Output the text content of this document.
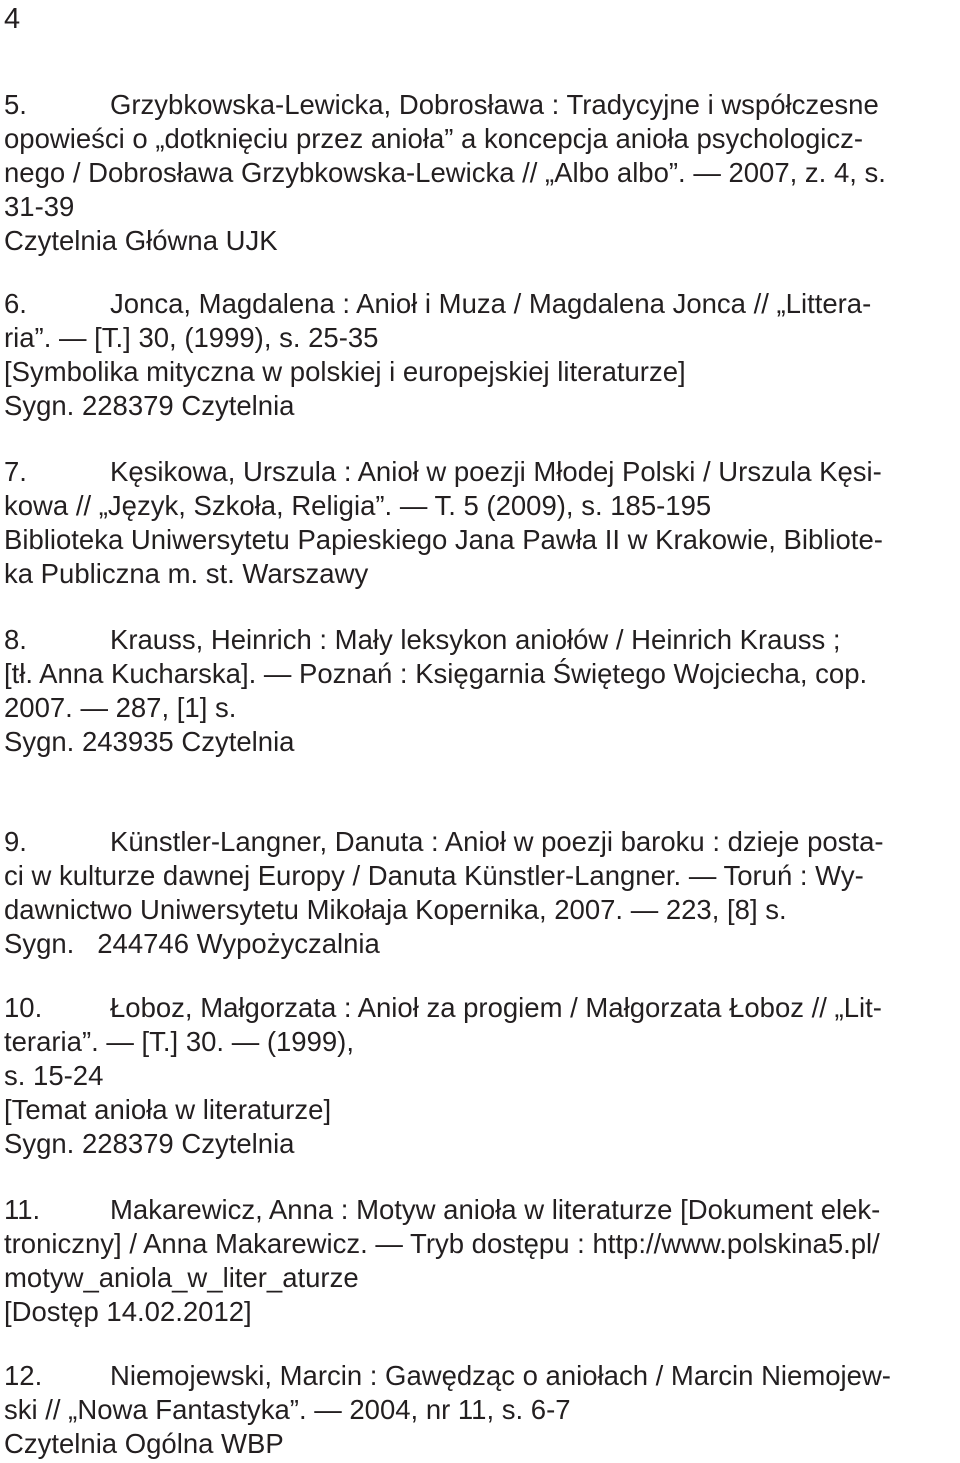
4
5.	Grzybkowska-Lewicka, Dobrosława : Tradycyjne i współczesne
opowieści o „dotknięciu przez anioła” a koncepcja anioła psychologicz-
nego / Dobrosława Grzybkowska-Lewicka // „Albo albo”. — 2007, z. 4, s.
31-39
Czytelnia Główna UJK
6.	Jonca, Magdalena : Anioł i Muza / Magdalena Jonca // „Littera-
ria”. — [T.] 30, (1999), s. 25-35
[Symbolika mityczna w polskiej i europejskiej literaturze]
Sygn. 228379 Czytelnia
7.	Kęsikowa, Urszula : Anioł w poezji Młodej Polski / Urszula Kęsi-
kowa // „Język, Szkoła, Religia”. — T. 5 (2009), s. 185-195
Biblioteka Uniwersytetu Papieskiego Jana Pawła II w Krakowie, Bibliote-
ka Publiczna m. st. Warszawy
8.	Krauss, Heinrich : Mały leksykon aniołów / Heinrich Krauss ;
[tł. Anna Kucharska]. — Poznań : Księgarnia Świętego Wojciecha, cop.
2007. — 287, [1] s.
Sygn. 243935 Czytelnia
9.	Künstler-Langner, Danuta : Anioł w poezji baroku : dzieje posta-
ci w kulturze dawnej Europy / Danuta Künstler-Langner. — Toruń : Wy-
dawnictwo Uniwersytetu Mikołaja Kopernika, 2007. — 223, [8] s.
Sygn.   244746 Wypożyczalnia
10. Łoboz, Małgorzata : Anioł za progiem / Małgorzata Łoboz // „Lit-
teraria”. — [T.] 30. — (1999),
s. 15-24
[Temat anioła w literaturze]
Sygn. 228379 Czytelnia
11.	Makarewicz, Anna : Motyw anioła w literaturze [Dokument elek-
troniczny] / Anna Makarewicz. — Tryb dostępu : http://www.polskina5.pl/
motyw_aniola_w_liter_aturze
[Dostęp 14.02.2012]
12. Niemojewski, Marcin : Gawędząc o aniołach / Marcin Niemojew-
ski // „Nowa Fantastyka”. — 2004, nr 11, s. 6-7
Czytelnia Ogólna WBP
